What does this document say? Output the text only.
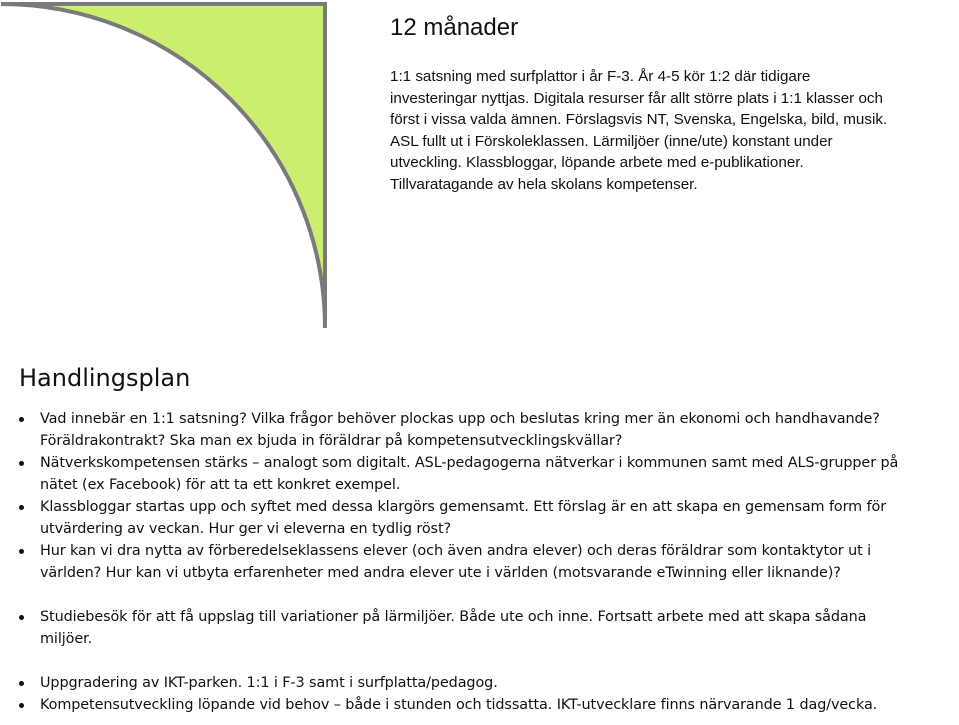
12 månader
1:1 satsning med surfplattor i år F-3. År 4-5 kör 1:2 där tidigare
investeringar nyttjas. Digitala resurser får allt större plats i 1:1 klasser och
först i vissa valda ämnen. Förslagsvis NT, Svenska, Engelska, bild, musik.
ASL fullt ut i Förskoleklassen. Lärmiljöer (inne/ute) konstant under
utveckling. Klassbloggar, löpande arbete med e-publikationer.
Tillvaratagande av hela skolans kompetenser.
Handlingsplan
Vad innebär en 1:1 satsning? Vilka frågor behöver plockas upp och beslutas kring mer än ekonomi och handhavande?
Föräldrakontrakt? Ska man ex bjuda in föräldrar på kompetensutvecklingskvällar?
Nätverkskompetensen stärks – analogt som digitalt. ASL-pedagogerna nätverkar i kommunen samt med ALS-grupper på
nätet (ex Facebook) för att ta ett konkret exempel.
Klassbloggar startas upp och syftet med dessa klargörs gemensamt. Ett förslag är en att skapa en gemensam form för
utvärdering av veckan. Hur ger vi eleverna en tydlig röst?
Hur kan vi dra nytta av förberedelseklassens elever (och även andra elever) och deras föräldrar som kontaktytor ut i
världen? Hur kan vi utbyta erfarenheter med andra elever ute i världen (motsvarande eTwinning eller liknande)?
Studiebesök för att få uppslag till variationer på lärmiljöer. Både ute och inne. Fortsatt arbete med att skapa sådana
miljöer.
Uppgradering av IKT-parken. 1:1 i F-3 samt i surfplatta/pedagog.
Kompetensutveckling löpande vid behov – både i stunden och tidssatta. IKT-utvecklare finns närvarande 1 dag/vecka.
